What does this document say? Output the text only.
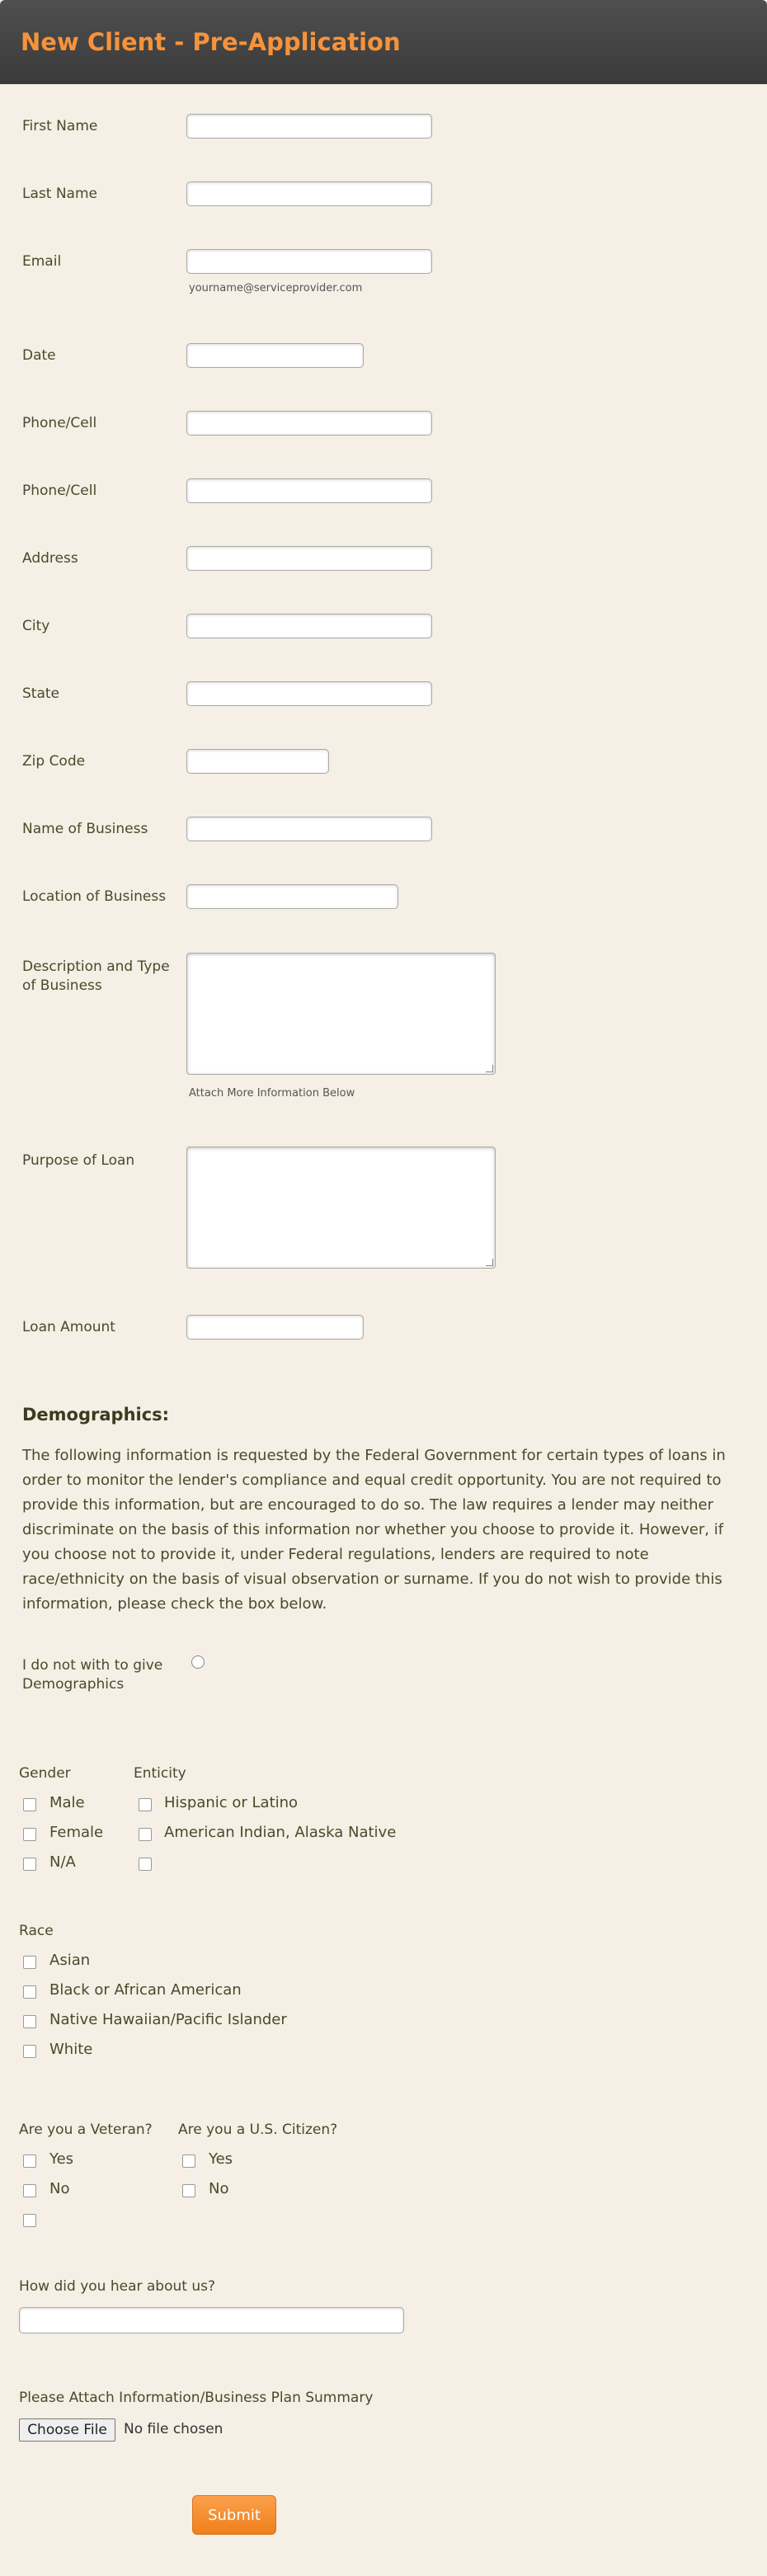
New Client - Pre-Application
First Name
Last Name
Email
yourname@serviceprovider.com
Date
Phone/Cell
Phone/Cell
Address
City
State
Zip Code
Name of Business
Location of Business
Description and Type of Business
Attach More Information Below
Purpose of Loan
Loan Amount
Demographics:
The following information is requested by the Federal Government for certain types of loans in order to monitor the lender's compliance and equal credit opportunity. You are not required to provide this information, but are encouraged to do so. The law requires a lender may neither discriminate on the basis of this information nor whether you choose to provide it. However, if you choose not to provide it, under Federal regulations, lenders are required to note race/ethnicity on the basis of visual observation or surname. If you do not wish to provide this information, please check the box below.
I do not with to give Demographics
Gender
Male
Female
N/A
Enticity
Hispanic or Latino
American Indian, Alaska Native
Race
Asian
Black or African American
Native Hawaiian/Pacific Islander
White
Are you a Veteran?
Yes
No
Are you a U.S. Citizen?
Yes
No
How did you hear about us?
Please Attach Information/Business Plan Summary
Choose File	No file chosen
Submit
